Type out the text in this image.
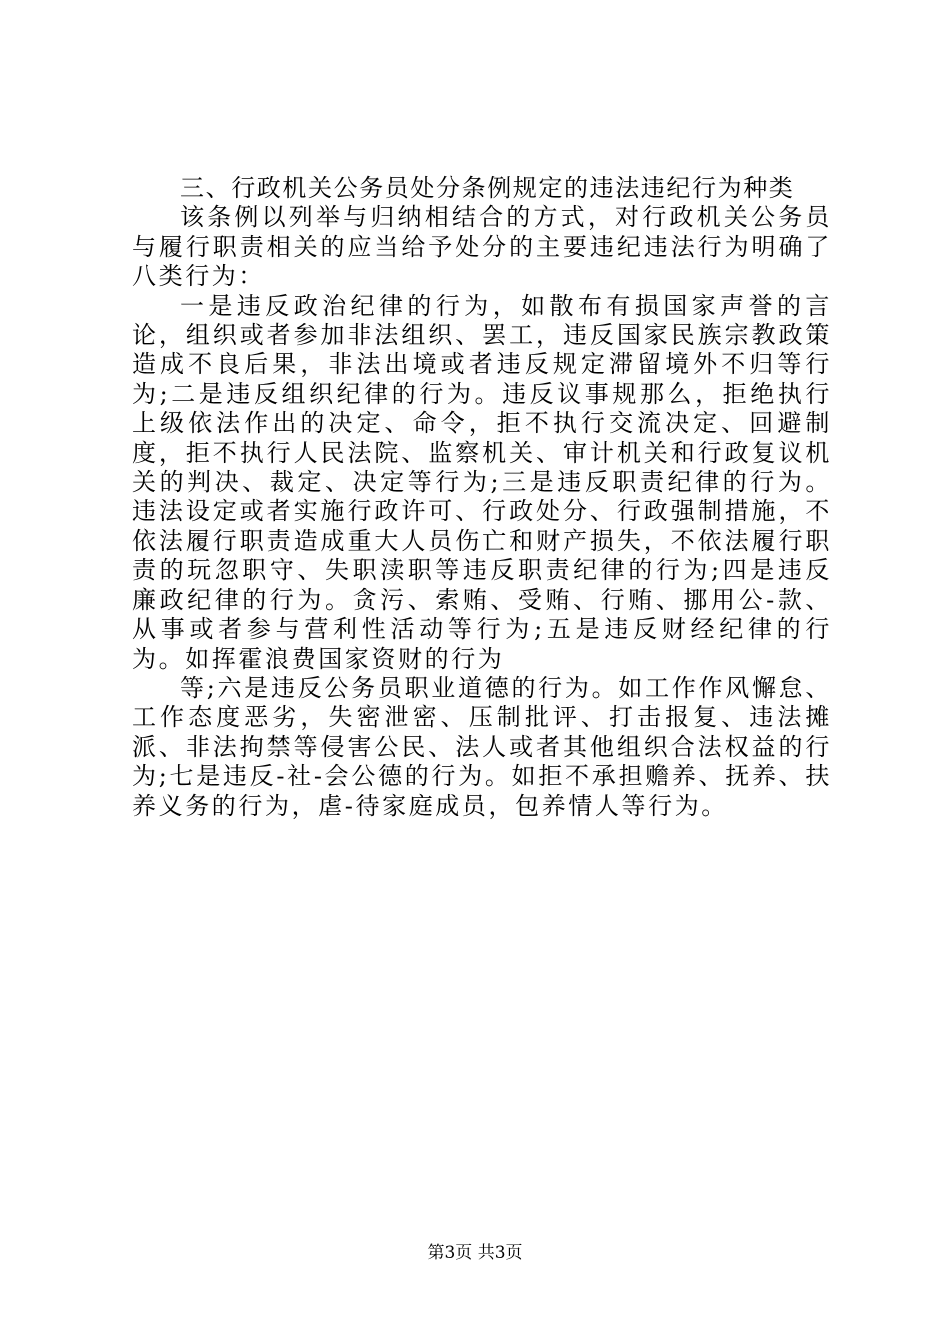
三、行政机关公务员处分条例规定的违法违纪行为种类

该条例以列举与归纳相结合的方式，对行政机关公务员与履行职责相关的应当给予处分的主要违纪违法行为明确了八类行为：

一是违反政治纪律的行为，如散布有损国家声誉的言论，组织或者参加非法组织、罢工，违反国家民族宗教政策造成不良后果，非法出境或者违反规定滞留境外不归等行为;二是违反组织纪律的行为。违反议事规那么，拒绝执行上级依法作出的决定、命令，拒不执行交流决定、回避制度，拒不执行人民法院、监察机关、审计机关和行政复议机关的判决、裁定、决定等行为;三是违反职责纪律的行为。违法设定或者实施行政许可、行政处分、行政强制措施，不依法履行职责造成重大人员伤亡和财产损失，不依法履行职责的玩忽职守、失职渎职等违反职责纪律的行为;四是违反廉政纪律的行为。贪污、索贿、受贿、行贿、挪用公-款、从事或者参与营利性活动等行为;五是违反财经纪律的行为。如挥霍浪费国家资财的行为

等;六是违反公务员职业道德的行为。如工作作风懈怠、工作态度恶劣，失密泄密、压制批评、打击报复、违法摊派、非法拘禁等侵害公民、法人或者其他组织合法权益的行为;七是违反-社-会公德的行为。如拒不承担赡养、抚养、扶养义务的行为，虐-待家庭成员，包养情人等行为。

第3页 共3页
